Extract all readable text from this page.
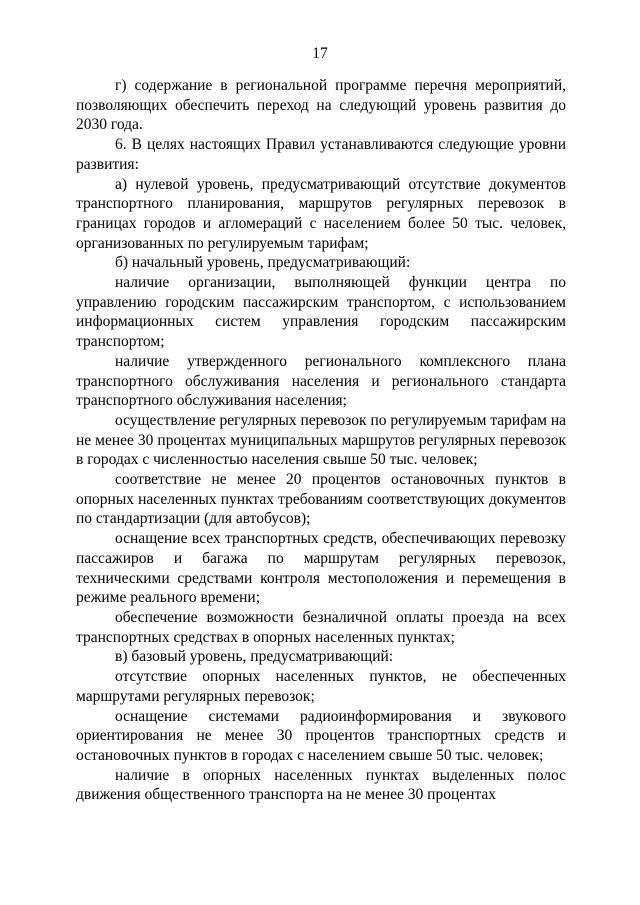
17

г) содержание в региональной программе перечня мероприятий, позволяющих обеспечить переход на следующий уровень развития до 2030 года.

6. В целях настоящих Правил устанавливаются следующие уровни развития:

а) нулевой уровень, предусматривающий отсутствие документов транспортного планирования, маршрутов регулярных перевозок в границах городов и агломераций с населением более 50 тыс. человек, организованных по регулируемым тарифам;

б) начальный уровень, предусматривающий:

наличие организации, выполняющей функции центра по управлению городским пассажирским транспортом, с использованием информационных систем управления городским пассажирским транспортом;

наличие утвержденного регионального комплексного плана транспортного обслуживания населения и регионального стандарта транспортного обслуживания населения;

осуществление регулярных перевозок по регулируемым тарифам на не менее 30 процентах муниципальных маршрутов регулярных перевозок в городах с численностью населения свыше 50 тыс. человек;

соответствие не менее 20 процентов остановочных пунктов в опорных населенных пунктах требованиям соответствующих документов по стандартизации (для автобусов);

оснащение всех транспортных средств, обеспечивающих перевозку пассажиров и багажа по маршрутам регулярных перевозок, техническими средствами контроля местоположения и перемещения в режиме реального времени;

обеспечение возможности безналичной оплаты проезда на всех транспортных средствах в опорных населенных пунктах;

в) базовый уровень, предусматривающий:

отсутствие опорных населенных пунктов, не обеспеченных маршрутами регулярных перевозок;

оснащение системами радиоинформирования и звукового ориентирования не менее 30 процентов транспортных средств и остановочных пунктов в городах с населением свыше 50 тыс. человек;

наличие в опорных населенных пунктах выделенных полос движения общественного транспорта на не менее 30 процентах
